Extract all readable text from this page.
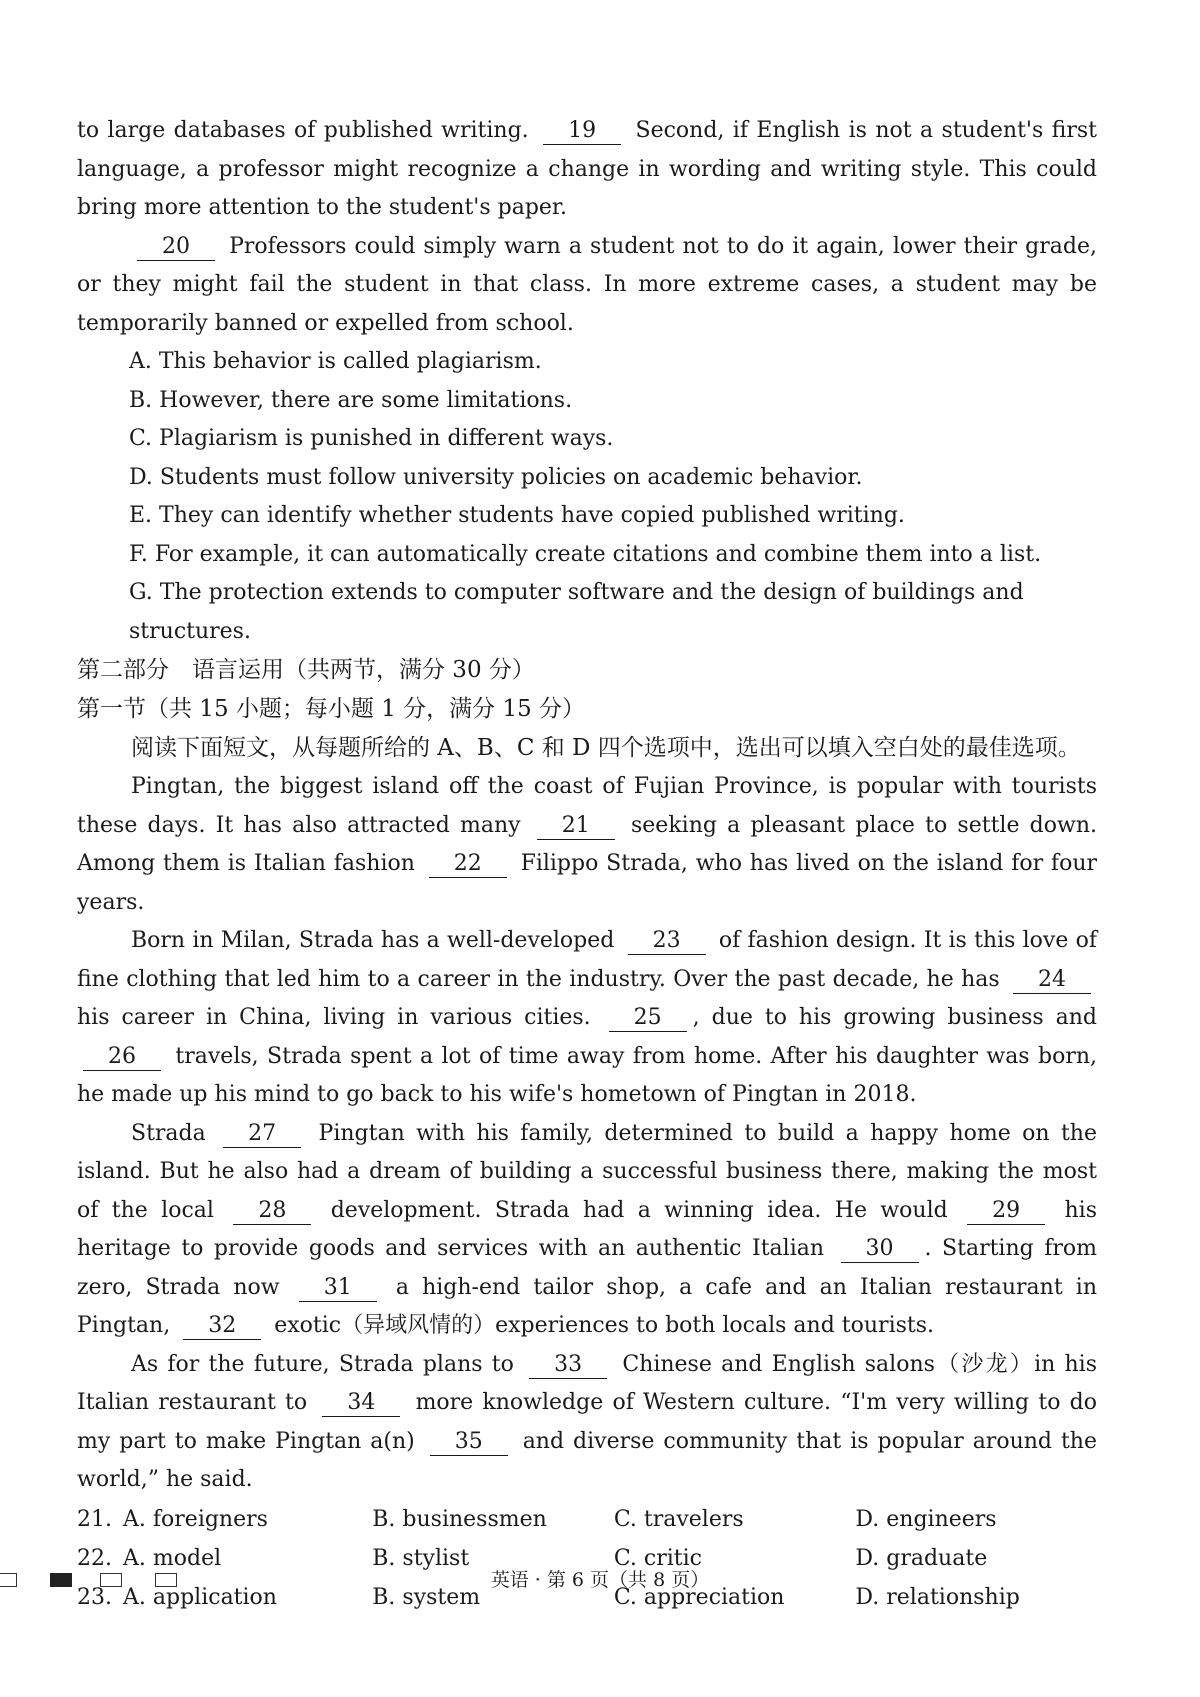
to large databases of published writing. 19 Second, if English is not a student's first language, a professor might recognize a change in wording and writing style. This could bring more attention to the student's paper.

20 Professors could simply warn a student not to do it again, lower their grade, or they might fail the student in that class. In more extreme cases, a student may be temporarily banned or expelled from school.

A. This behavior is called plagiarism.
B. However, there are some limitations.
C. Plagiarism is punished in different ways.
D. Students must follow university policies on academic behavior.
E. They can identify whether students have copied published writing.
F. For example, it can automatically create citations and combine them into a list.
G. The protection extends to computer software and the design of buildings and structures.
第二部分　语言运用（共两节，满分 30 分）
第一节（共 15 小题；每小题 1 分，满分 15 分）

阅读下面短文，从每题所给的 A、B、C 和 D 四个选项中，选出可以填入空白处的最佳选项。

Pingtan, the biggest island off the coast of Fujian Province, is popular with tourists these days. It has also attracted many 21 seeking a pleasant place to settle down. Among them is Italian fashion 22 Filippo Strada, who has lived on the island for four years.

Born in Milan, Strada has a well-developed 23 of fashion design. It is this love of fine clothing that led him to a career in the industry. Over the past decade, he has 24 his career in China, living in various cities. 25 , due to his growing business and 26 travels, Strada spent a lot of time away from home. After his daughter was born, he made up his mind to go back to his wife's hometown of Pingtan in 2018.

Strada 27 Pingtan with his family, determined to build a happy home on the island. But he also had a dream of building a successful business there, making the most of the local 28 development. Strada had a winning idea. He would 29 his heritage to provide goods and services with an authentic Italian 30 . Starting from zero, Strada now 31 a high-end tailor shop, a cafe and an Italian restaurant in Pingtan, 32 exotic（异域风情的）experiences to both locals and tourists.

As for the future, Strada plans to 33 Chinese and English salons（沙龙）in his Italian restaurant to 34 more knowledge of Western culture. “I'm very willing to do my part to make Pingtan a(n) 35 and diverse community that is popular around the world,” he said.

21. A. foreigners	B. businessmen	C. travelers	D. engineers
22. A. model	B. stylist	C. critic	D. graduate
23. A. application	B. system	C. appreciation	D. relationship
英语 · 第 6 页（共 8 页）
